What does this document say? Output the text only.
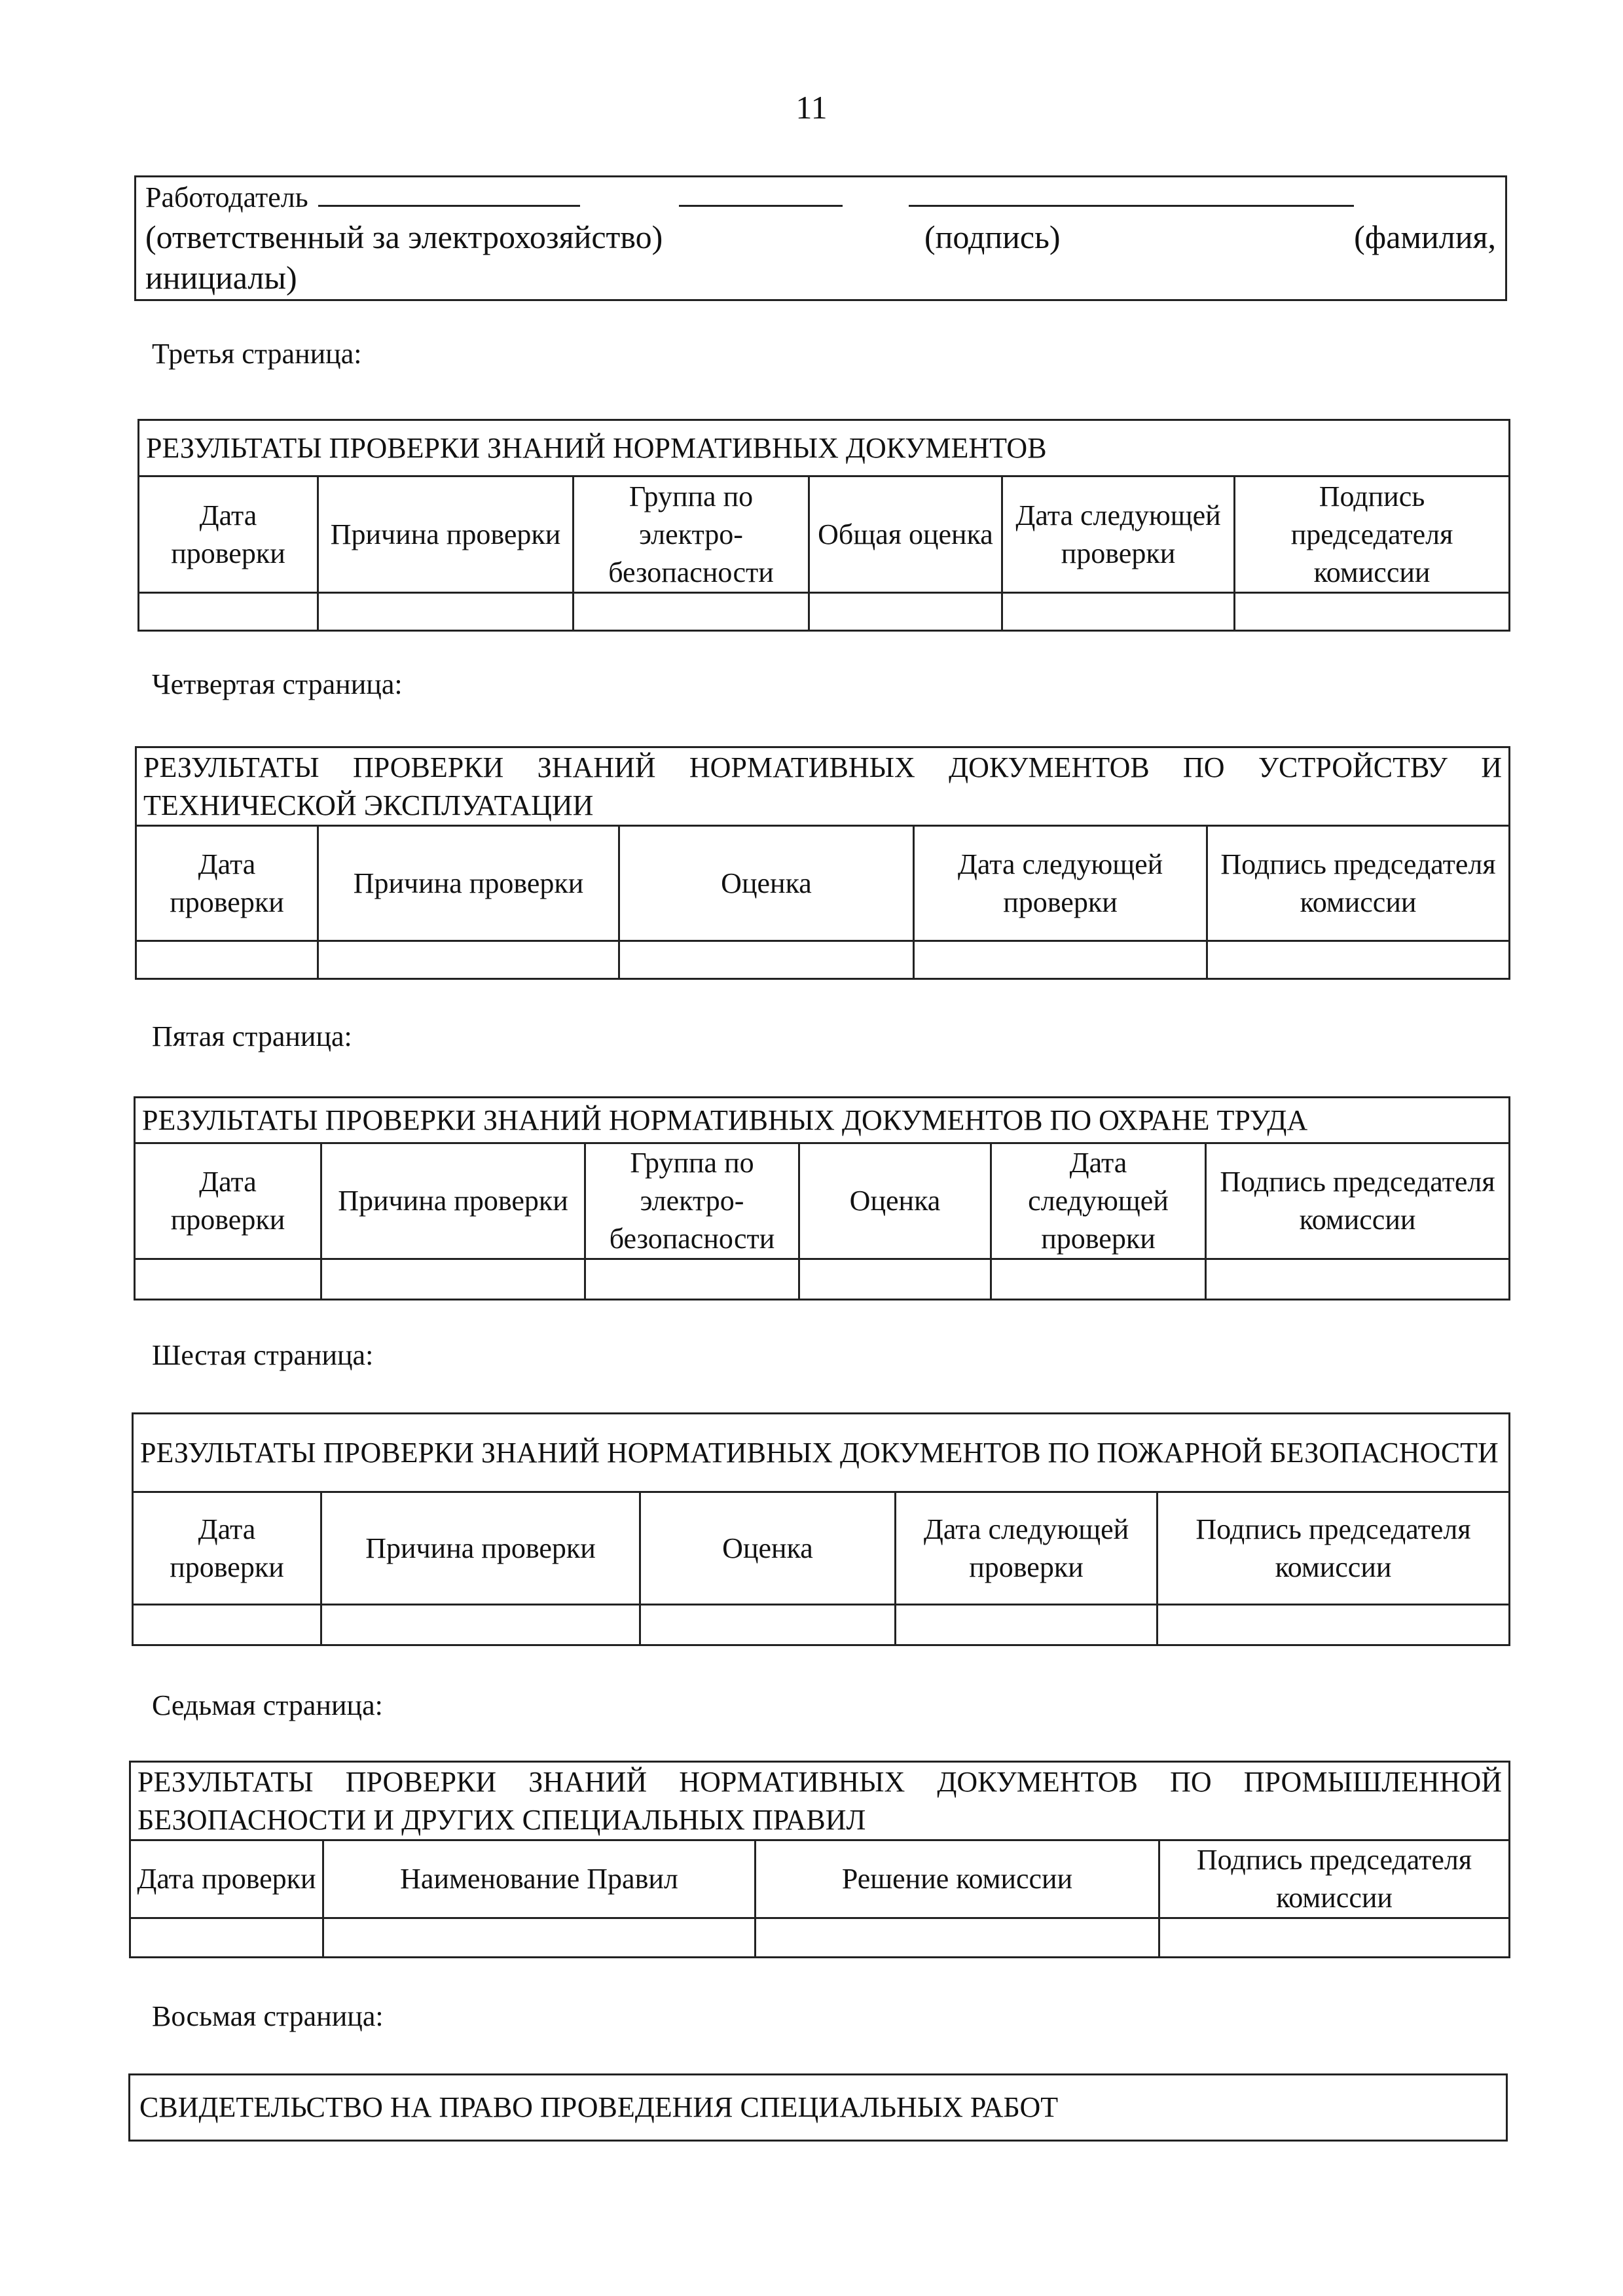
11
Работодатель
(ответственный за электрохозяйство)	(подпись)	(фамилия,
инициалы)
Третья страница:
РЕЗУЛЬТАТЫ ПРОВЕРКИ ЗНАНИЙ НОРМАТИВНЫХ ДОКУМЕНТОВ					
Дата проверки	Причина проверки	Группа по электро-безопасности	Общая оценка	Дата следующей проверки	Подпись председателя комиссии

Четвертая страница:
РЕЗУЛЬТАТЫ ПРОВЕРКИ ЗНАНИЙ НОРМАТИВНЫХ ДОКУМЕНТОВ ПО УСТРОЙСТВУ И ТЕХНИЧЕСКОЙ ЭКСПЛУАТАЦИИ				
Дата проверки	Причина проверки	Оценка	Дата следующей проверки	Подпись председателя комиссии

Пятая страница:
РЕЗУЛЬТАТЫ ПРОВЕРКИ ЗНАНИЙ НОРМАТИВНЫХ ДОКУМЕНТОВ ПО ОХРАНЕ ТРУДА					
Дата проверки	Причина проверки	Группа по электро-безопасности	Оценка	Дата следующей проверки	Подпись председателя комиссии

Шестая страница:
РЕЗУЛЬТАТЫ ПРОВЕРКИ ЗНАНИЙ НОРМАТИВНЫХ ДОКУМЕНТОВ ПО ПОЖАРНОЙ БЕЗОПАСНОСТИ				
Дата проверки	Причина проверки	Оценка	Дата следующей проверки	Подпись председателя комиссии

Седьмая страница:
РЕЗУЛЬТАТЫ ПРОВЕРКИ ЗНАНИЙ НОРМАТИВНЫХ ДОКУМЕНТОВ ПО ПРОМЫШЛЕННОЙ БЕЗОПАСНОСТИ И ДРУГИХ СПЕЦИАЛЬНЫХ ПРАВИЛ			
Дата проверки	Наименование Правил	Решение комиссии	Подпись председателя комиссии

Восьмая страница:
СВИДЕТЕЛЬСТВО НА ПРАВО ПРОВЕДЕНИЯ СПЕЦИАЛЬНЫХ РАБОТ
